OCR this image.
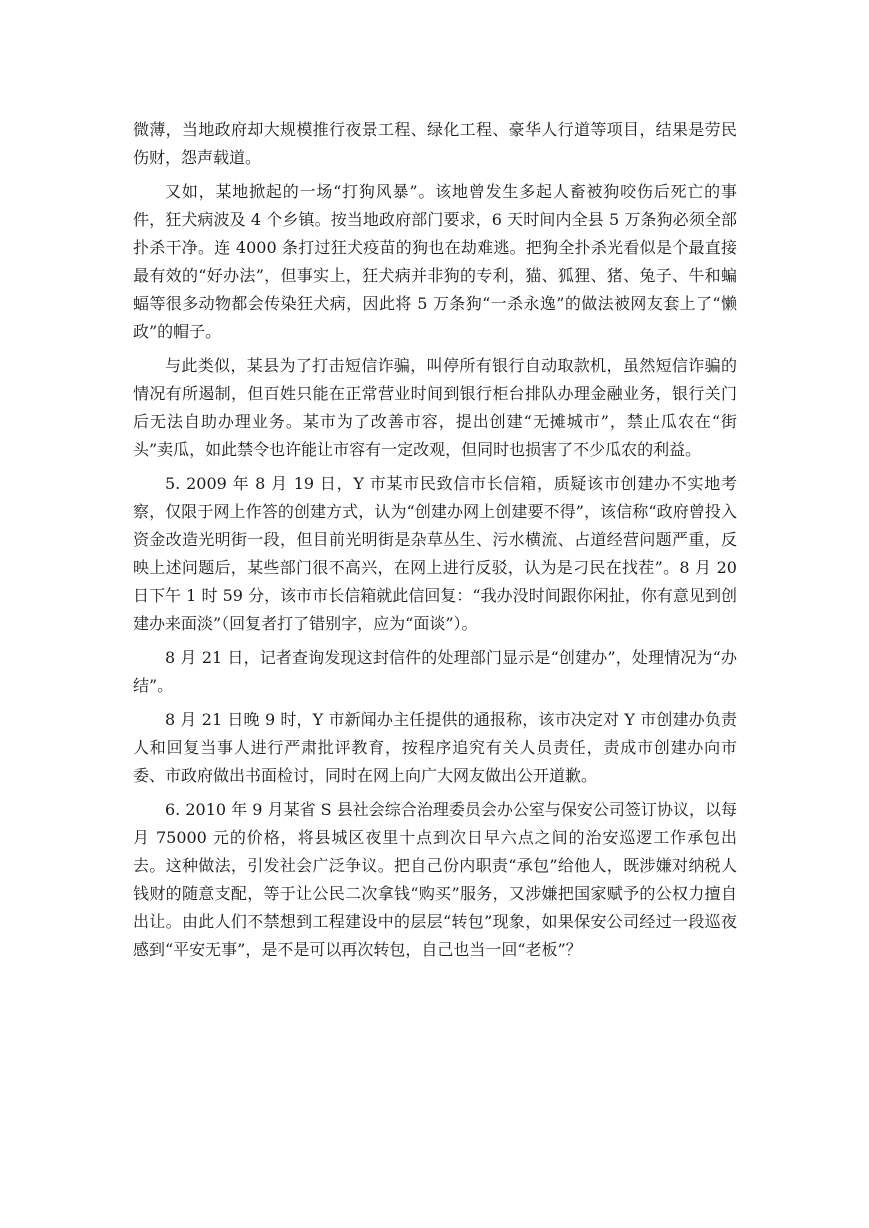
微薄，当地政府却大规模推行夜景工程、绿化工程、豪华人行道等项目，结果是劳民伤财，怨声载道。

又如，某地掀起的一场“打狗风暴”。该地曾发生多起人畜被狗咬伤后死亡的事件，狂犬病波及 4 个乡镇。按当地政府部门要求，6 天时间内全县 5 万条狗必须全部扑杀干净。连 4000 条打过狂犬疫苗的狗也在劫难逃。把狗全扑杀光看似是个最直接最有效的“好办法”，但事实上，狂犬病并非狗的专利，猫、狐狸、猪、兔子、牛和蝙蝠等很多动物都会传染狂犬病，因此将 5 万条狗“一杀永逸”的做法被网友套上了“懒政”的帽子。

与此类似，某县为了打击短信诈骗，叫停所有银行自动取款机，虽然短信诈骗的情况有所遏制，但百姓只能在正常营业时间到银行柜台排队办理金融业务，银行关门后无法自助办理业务。某市为了改善市容，提出创建“无摊城市”，禁止瓜农在“街头”卖瓜，如此禁令也许能让市容有一定改观，但同时也损害了不少瓜农的利益。

5. 2009 年 8 月 19 日，Y 市某市民致信市长信箱，质疑该市创建办不实地考察，仅限于网上作答的创建方式，认为“创建办网上创建要不得”，该信称“政府曾投入资金改造光明街一段，但目前光明街是杂草丛生、污水横流、占道经营问题严重，反映上述问题后，某些部门很不高兴，在网上进行反驳，认为是刁民在找茬”。8 月 20 日下午 1 时 59 分，该市市长信箱就此信回复：“我办没时间跟你闲扯，你有意见到创建办来面淡”（回复者打了错别字，应为“面谈”）。

8 月 21 日，记者查询发现这封信件的处理部门显示是“创建办”，处理情况为“办结”。

8 月 21 日晚 9 时，Y 市新闻办主任提供的通报称，该市决定对 Y 市创建办负责人和回复当事人进行严肃批评教育，按程序追究有关人员责任，责成市创建办向市委、市政府做出书面检讨，同时在网上向广大网友做出公开道歉。

6. 2010 年 9 月某省 S 县社会综合治理委员会办公室与保安公司签订协议，以每月 75000 元的价格，将县城区夜里十点到次日早六点之间的治安巡逻工作承包出去。这种做法，引发社会广泛争议。把自己份内职责“承包”给他人，既涉嫌对纳税人钱财的随意支配，等于让公民二次拿钱“购买”服务，又涉嫌把国家赋予的公权力擅自出让。由此人们不禁想到工程建设中的层层“转包”现象，如果保安公司经过一段巡夜感到“平安无事”，是不是可以再次转包，自己也当一回“老板”？
